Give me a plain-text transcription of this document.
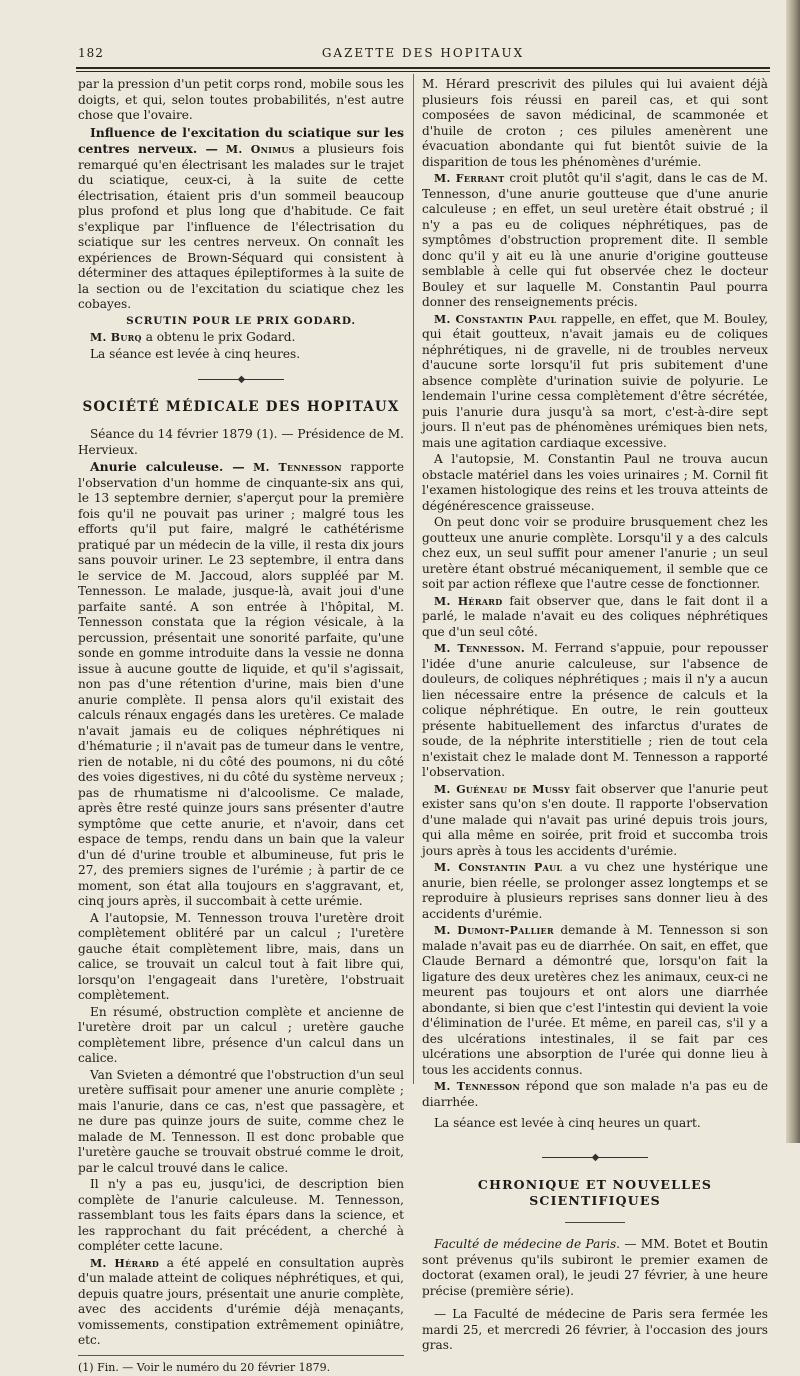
182	GAZETTE DES HOPITAUX

par la pression d'un petit corps rond, mobile sous les doigts, et qui, selon toutes probabilités, n'est autre chose que l'ovaire.

Influence de l'excitation du sciatique sur les centres nerveux. — M. Onimus a plusieurs fois remarqué qu'en électrisant les malades sur le trajet du sciatique, ceux-ci, à la suite de cette électrisation, étaient pris d'un sommeil beaucoup plus profond et plus long que d'habitude. Ce fait s'explique par l'influence de l'électrisation du sciatique sur les centres nerveux. On connaît les expériences de Brown-Séquard qui consistent à déterminer des attaques épileptiformes à la suite de la section ou de l'excitation du sciatique chez les cobayes.

SCRUTIN POUR LE PRIX GODARD.

M. Burq a obtenu le prix Godard.

La séance est levée à cinq heures.

◆
SOCIÉTÉ MÉDICALE DES HOPITAUX

Séance du 14 février 1879 (1). — Présidence de M. Hervieux.

Anurie calculeuse. — M. Tennesson rapporte l'observation d'un homme de cinquante-six ans qui, le 13 septembre dernier, s'aperçut pour la première fois qu'il ne pouvait pas uriner ; malgré tous les efforts qu'il put faire, malgré le cathétérisme pratiqué par un médecin de la ville, il resta dix jours sans pouvoir uriner. Le 23 septembre, il entra dans le service de M. Jaccoud, alors suppléé par M. Tennesson. Le malade, jusque-là, avait joui d'une parfaite santé. A son entrée à l'hôpital, M. Tennesson constata que la région vésicale, à la percussion, présentait une sonorité parfaite, qu'une sonde en gomme introduite dans la vessie ne donna issue à aucune goutte de liquide, et qu'il s'agissait, non pas d'une rétention d'urine, mais bien d'une anurie complète. Il pensa alors qu'il existait des calculs rénaux engagés dans les uretères. Ce malade n'avait jamais eu de coliques néphrétiques ni d'hématurie ; il n'avait pas de tumeur dans le ventre, rien de notable, ni du côté des poumons, ni du côté des voies digestives, ni du côté du système nerveux ; pas de rhumatisme ni d'alcoolisme. Ce malade, après être resté quinze jours sans présenter d'autre symptôme que cette anurie, et n'avoir, dans cet espace de temps, rendu dans un bain que la valeur d'un dé d'urine trouble et albumineuse, fut pris le 27, des premiers signes de l'urémie ; à partir de ce moment, son état alla toujours en s'aggravant, et, cinq jours après, il succombait à cette urémie.

A l'autopsie, M. Tennesson trouva l'uretère droit complètement oblitéré par un calcul ; l'uretère gauche était complètement libre, mais, dans un calice, se trouvait un calcul tout à fait libre qui, lorsqu'on l'engageait dans l'uretère, l'obstruait complètement.

En résumé, obstruction complète et ancienne de l'uretère droit par un calcul ; uretère gauche complètement libre, présence d'un calcul dans un calice.

Van Svieten a démontré que l'obstruction d'un seul uretère suffisait pour amener une anurie complète ; mais l'anurie, dans ce cas, n'est que passagère, et ne dure pas quinze jours de suite, comme chez le malade de M. Tennesson. Il est donc probable que l'uretère gauche se trouvait obstrué comme le droit, par le calcul trouvé dans le calice.

Il n'y a pas eu, jusqu'ici, de description bien complète de l'anurie calculeuse. M. Tennesson, rassemblant tous les faits épars dans la science, et les rapprochant du fait précédent, a cherché à compléter cette lacune.

M. Hérard a été appelé en consultation auprès d'un malade atteint de coliques néphrétiques, et qui, depuis quatre jours, présentait une anurie complète, avec des accidents d'urémie déjà menaçants, vomissements, constipation extrêmement opiniâtre, etc.

(1) Fin. — Voir le numéro du 20 février 1879.

M. Hérard prescrivit des pilules qui lui avaient déjà plusieurs fois réussi en pareil cas, et qui sont composées de savon médicinal, de scammonée et d'huile de croton ; ces pilules amenèrent une évacuation abondante qui fut bientôt suivie de la disparition de tous les phénomènes d'urémie.

M. Ferrant croit plutôt qu'il s'agit, dans le cas de M. Tennesson, d'une anurie goutteuse que d'une anurie calculeuse ; en effet, un seul uretère était obstrué ; il n'y a pas eu de coliques néphrétiques, pas de symptômes d'obstruction proprement dite. Il semble donc qu'il y ait eu là une anurie d'origine goutteuse semblable à celle qui fut observée chez le docteur Bouley et sur laquelle M. Constantin Paul pourra donner des renseignements précis.

M. Constantin Paul rappelle, en effet, que M. Bouley, qui était goutteux, n'avait jamais eu de coliques néphrétiques, ni de gravelle, ni de troubles nerveux d'aucune sorte lorsqu'il fut pris subitement d'une absence complète d'urination suivie de polyurie. Le lendemain l'urine cessa complètement d'être sécrétée, puis l'anurie dura jusqu'à sa mort, c'est-à-dire sept jours. Il n'eut pas de phénomènes urémiques bien nets, mais une agitation cardiaque excessive.

A l'autopsie, M. Constantin Paul ne trouva aucun obstacle matériel dans les voies urinaires ; M. Cornil fit l'examen histologique des reins et les trouva atteints de dégénérescence graisseuse.

On peut donc voir se produire brusquement chez les goutteux une anurie complète. Lorsqu'il y a des calculs chez eux, un seul suffit pour amener l'anurie ; un seul uretère étant obstrué mécaniquement, il semble que ce soit par action réflexe que l'autre cesse de fonctionner.

M. Hérard fait observer que, dans le fait dont il a parlé, le malade n'avait eu des coliques néphrétiques que d'un seul côté.

M. Tennesson. M. Ferrand s'appuie, pour repousser l'idée d'une anurie calculeuse, sur l'absence de douleurs, de coliques néphrétiques ; mais il n'y a aucun lien nécessaire entre la présence de calculs et la colique néphrétique. En outre, le rein goutteux présente habituellement des infarctus d'urates de soude, de la néphrite interstitielle ; rien de tout cela n'existait chez le malade dont M. Tennesson a rapporté l'observation.

M. Guéneau de Mussy fait observer que l'anurie peut exister sans qu'on s'en doute. Il rapporte l'observation d'une malade qui n'avait pas uriné depuis trois jours, qui alla même en soirée, prit froid et succomba trois jours après à tous les accidents d'urémie.

M. Constantin Paul a vu chez une hystérique une anurie, bien réelle, se prolonger assez longtemps et se reproduire à plusieurs reprises sans donner lieu à des accidents d'urémie.

M. Dumont-Pallier demande à M. Tennesson si son malade n'avait pas eu de diarrhée. On sait, en effet, que Claude Bernard a démontré que, lorsqu'on fait la ligature des deux uretères chez les animaux, ceux-ci ne meurent pas toujours et ont alors une diarrhée abondante, si bien que c'est l'intestin qui devient la voie d'élimination de l'urée. Et même, en pareil cas, s'il y a des ulcérations intestinales, il se fait par ces ulcérations une absorption de l'urée qui donne lieu à tous les accidents connus.

M. Tennesson répond que son malade n'a pas eu de diarrhée.

La séance est levée à cinq heures un quart.

◆
CHRONIQUE ET NOUVELLES SCIENTIFIQUES

Faculté de médecine de Paris. — MM. Botet et Boutin sont prévenus qu'ils subiront le premier examen de doctorat (examen oral), le jeudi 27 février, à une heure précise (première série).

— La Faculté de médecine de Paris sera fermée les mardi 25, et mercredi 26 février, à l'occasion des jours gras.
